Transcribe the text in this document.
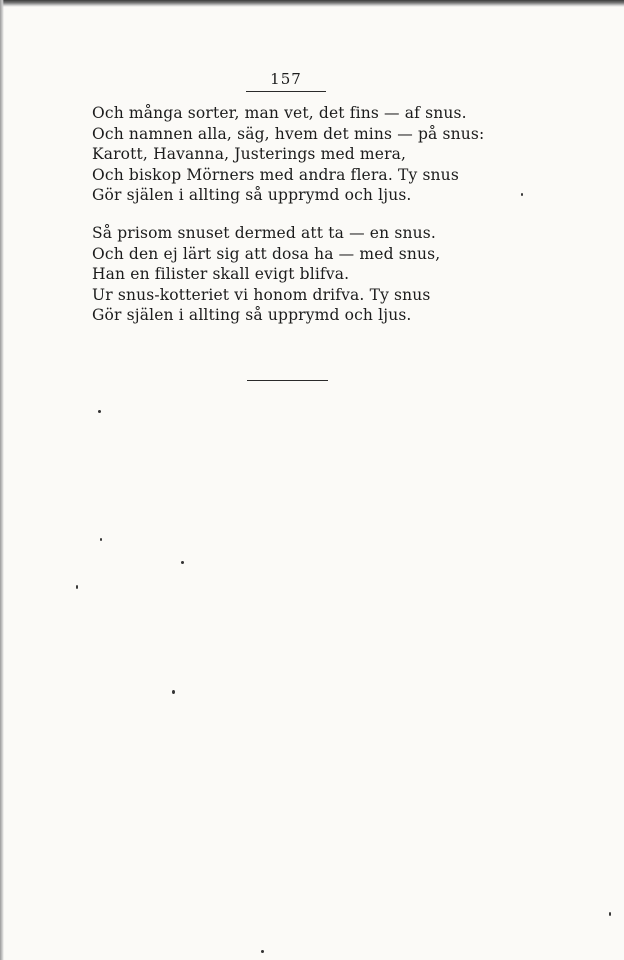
157
Och många sorter, man vet, det fins — af snus.
Och namnen alla, säg, hvem det mins — på snus:
Karott, Havanna, Justerings med mera,
Och biskop Mörners med andra flera. Ty snus
Gör själen i allting så upprymd och ljus.
Så prisom snuset dermed att ta — en snus.
Och den ej lärt sig att dosa ha — med snus,
Han en filister skall evigt blifva.
Ur snus-kotteriet vi honom drifva. Ty snus
Gör själen i allting så upprymd och ljus.
